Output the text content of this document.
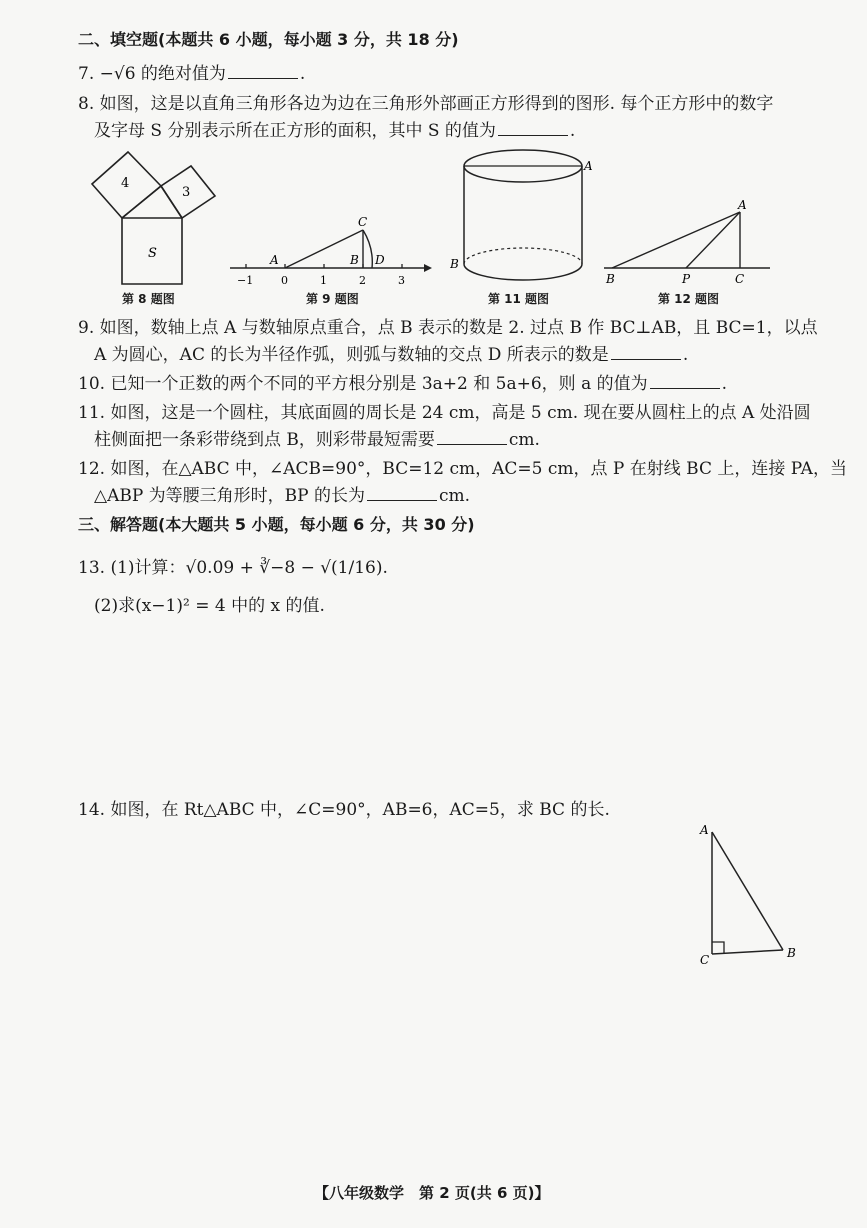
二、填空题(本题共 6 小题，每小题 3 分，共 18 分)
7. −√6 的绝对值为	.
8. 如图，这是以直角三角形各边为边在三角形外部画正方形得到的图形. 每个正方形中的数字
及字母 S 分别表示所在正方形的面积，其中 S 的值为	.
4
3
S
第 8 题图
A	B
C
D
−1	0	1	2	3
第 9 题图
A
B
第 11 题图
A
B	P	C
第 12 题图
9. 如图，数轴上点 A 与数轴原点重合，点 B 表示的数是 2. 过点 B 作 BC⊥AB，且 BC=1，以点
A 为圆心，AC 的长为半径作弧，则弧与数轴的交点 D 所表示的数是	.
10. 已知一个正数的两个不同的平方根分别是 3a+2 和 5a+6，则 a 的值为	.
11. 如图，这是一个圆柱，其底面圆的周长是 24 cm，高是 5 cm. 现在要从圆柱上的点 A 处沿圆
柱侧面把一条彩带绕到点 B，则彩带最短需要	cm.
12. 如图，在△ABC 中，∠ACB=90°，BC=12 cm，AC=5 cm，点 P 在射线 BC 上，连接 PA，当
△ABP 为等腰三角形时，BP 的长为	cm.
三、解答题(本大题共 5 小题，每小题 6 分，共 30 分)
13. (1)计算：√0.09 + ∛−8 − √(1/16).
(2)求(x−1)² = 4 中的 x 的值.
14. 如图，在 Rt△ABC 中，∠C=90°，AB=6，AC=5，求 BC 的长.
A
C	B
【八年级数学　第 2 页(共 6 页)】
